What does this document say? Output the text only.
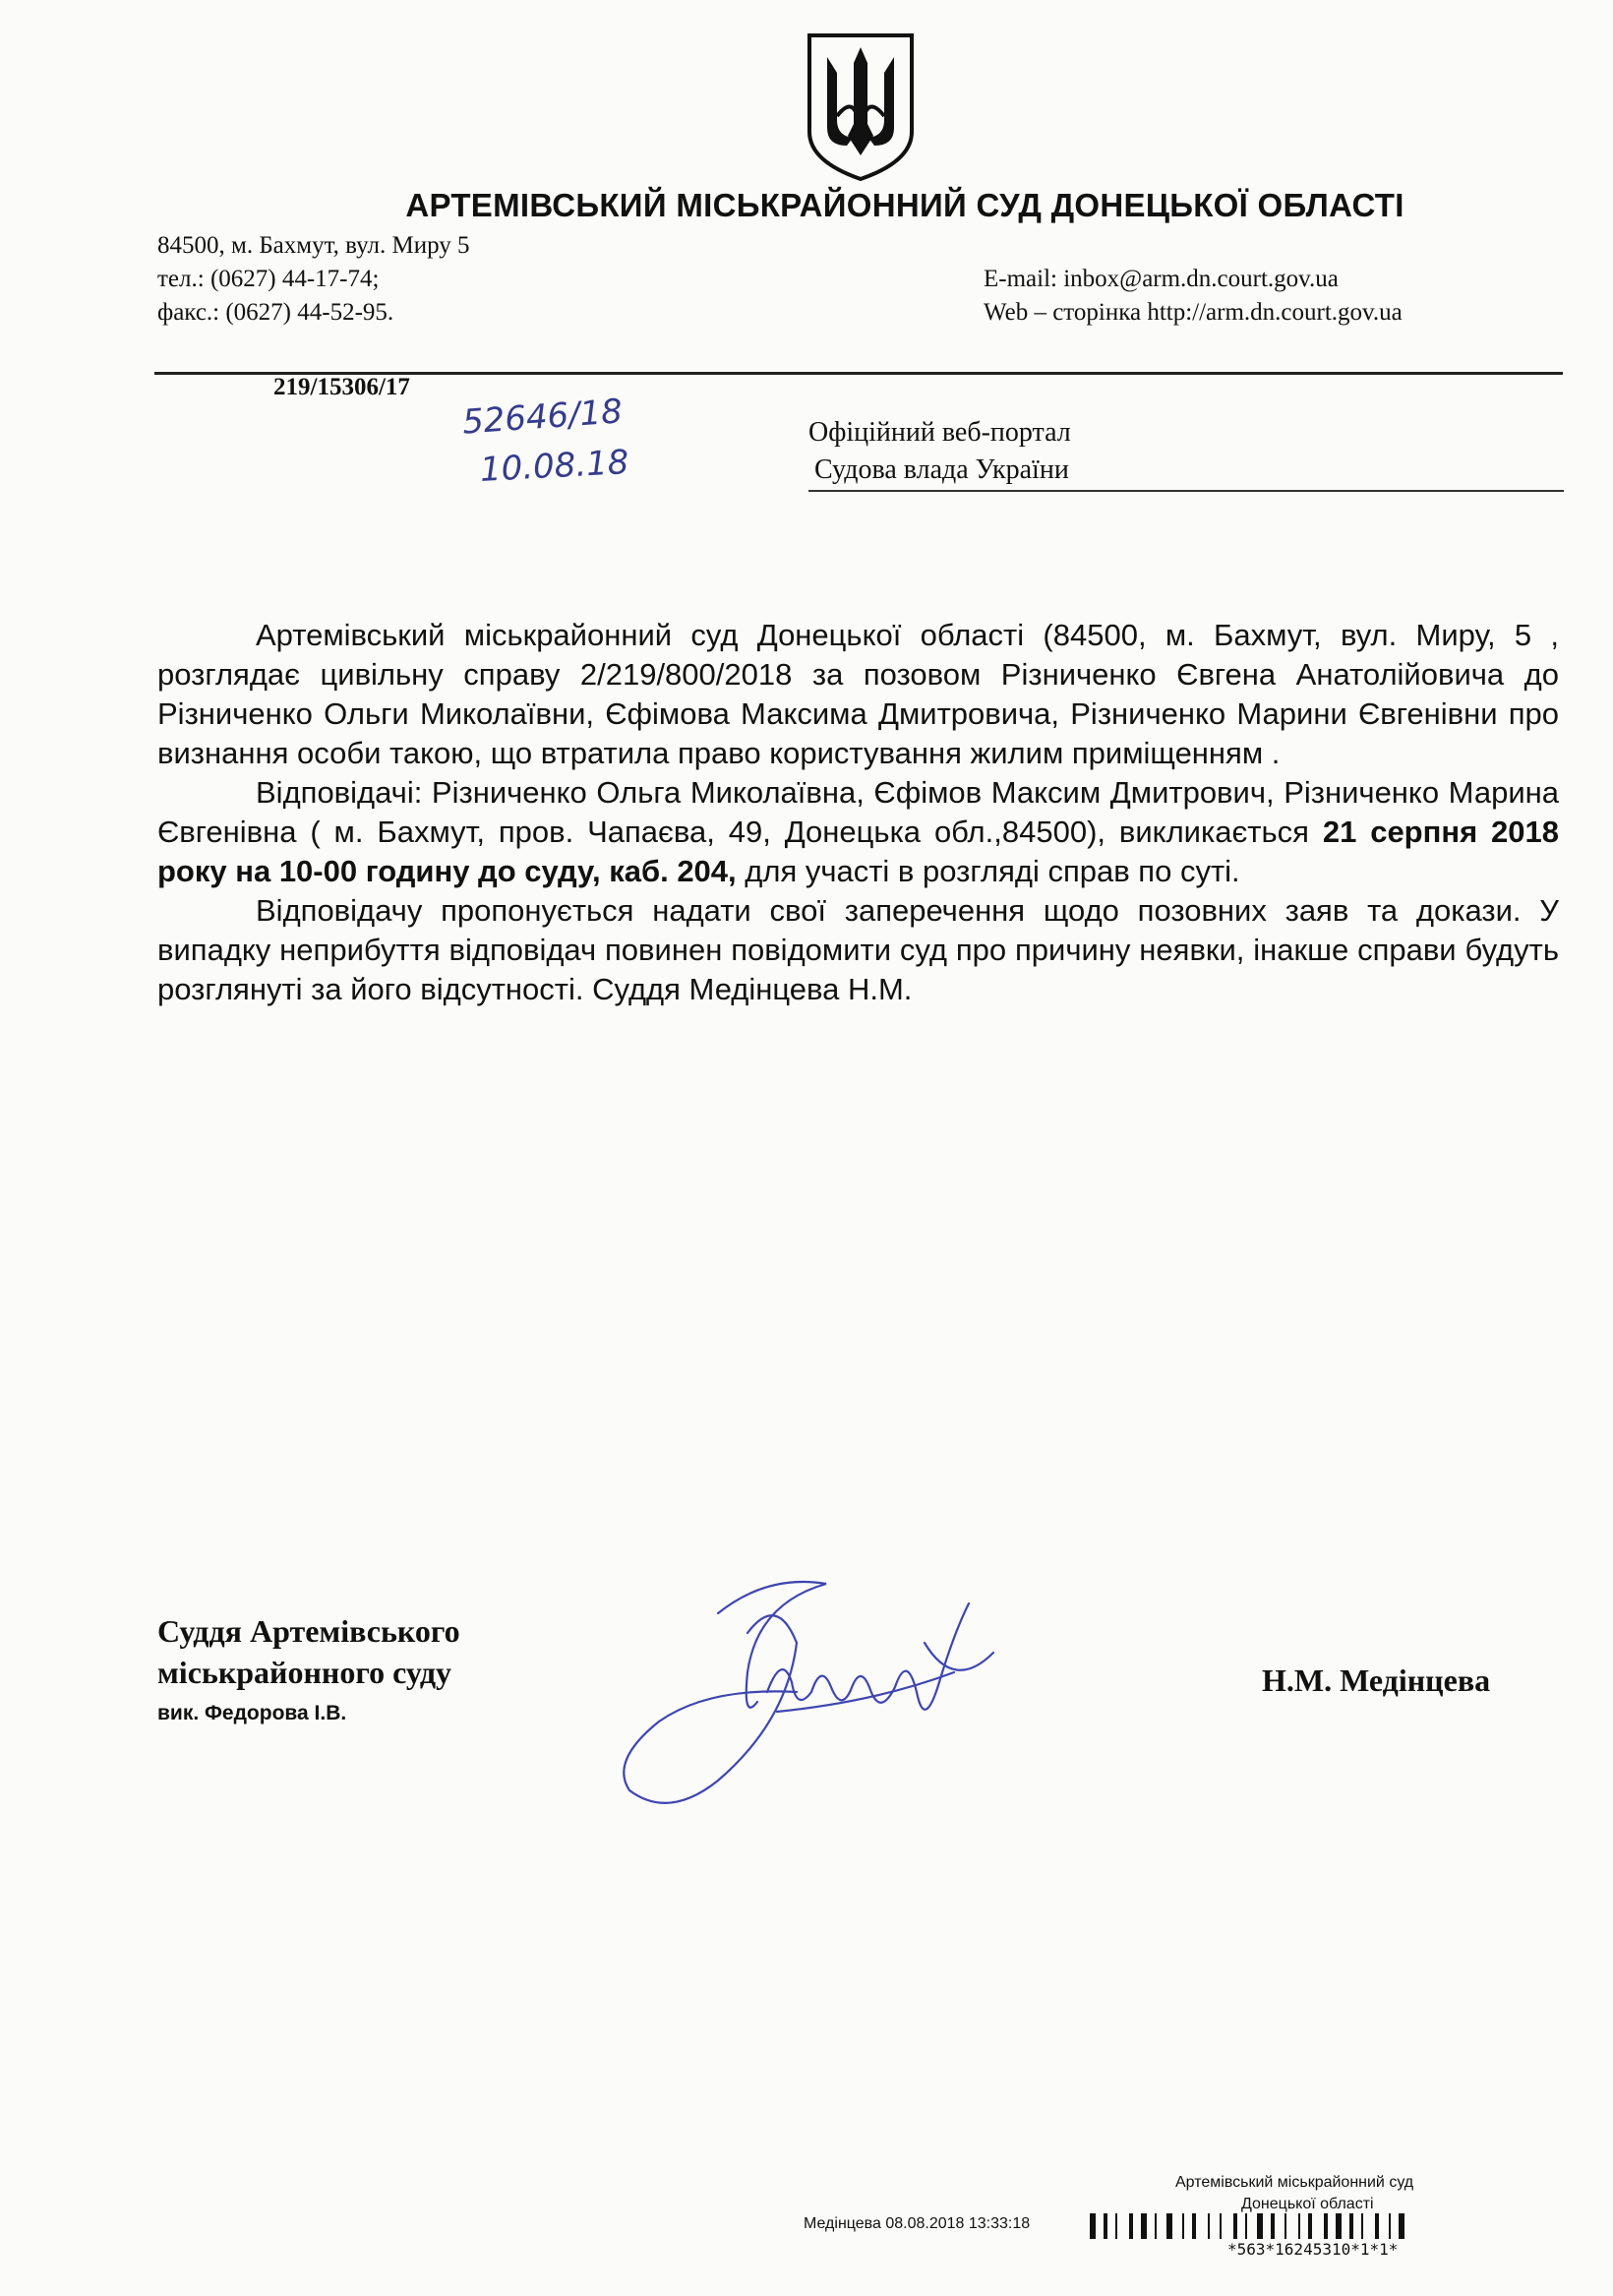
АРТЕМІВСЬКИЙ МІСЬКРАЙОННИЙ СУД ДОНЕЦЬКОЇ ОБЛАСТІ
84500, м. Бахмут, вул. Миру 5
тел.: (0627) 44-17-74;
факс.: (0627) 44-52-95.
E-mail: inbox@arm.dn.court.gov.ua
Web – сторінка http://arm.dn.court.gov.ua
219/15306/17
52646/18
10.08.18
Офіційний веб-портал
Судова влада України

Артемівський міськрайонний суд Донецької області (84500, м. Бахмут, вул. Миру, 5 , розглядає цивільну справу 2/219/800/2018 за позовом Різниченко Євгена Анатолійовича до Різниченко Ольги Миколаївни, Єфімова Максима Дмитровича, Різниченко Марини Євгенівни про визнання особи такою, що втратила право користування жилим приміщенням .

Відповідачі: Різниченко Ольга Миколаївна, Єфімов Максим Дмитрович, Різниченко Марина Євгенівна ( м. Бахмут, пров. Чапаєва, 49, Донецька обл.,84500), викликається 21 серпня 2018 року на 10-00 годину до суду, каб. 204, для участі в розгляді справ по суті.

Відповідачу пропонується надати свої заперечення щодо позовних заяв та докази. У випадку неприбуття відповідач повинен повідомити суд про причину неявки, інакше справи будуть розглянуті за його відсутності. Суддя Медінцева Н.М.

Суддя Артемівського
міськрайонного суду
вик. Федорова І.В.
Н.М. Медінцева
Артемівський міськрайонний суд
Донецької області
Медінцева 08.08.2018 13:33:18
*563*16245310*1*1*
